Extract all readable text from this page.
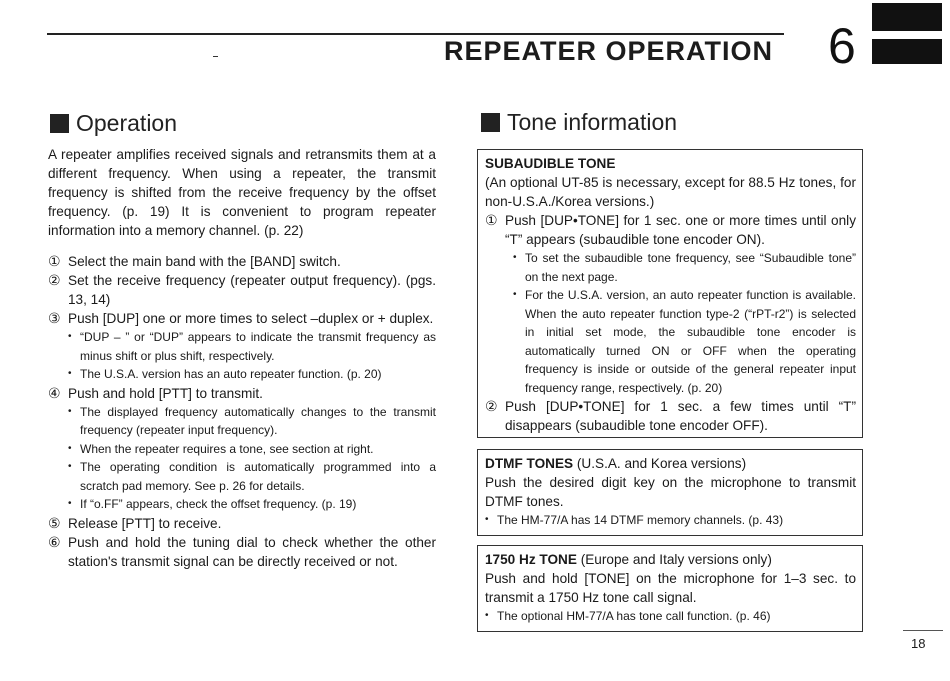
REPEATER OPERATION 6
Operation

A repeater amplifies received signals and retransmits them at a different frequency. When using a repeater, the transmit frequency is shifted from the receive frequency by the offset frequency. (p. 19) It is convenient to program repeater information into a memory channel. (p. 22)

① Select the main band with the [BAND] switch.
② Set the receive frequency (repeater output frequency). (pgs. 13, 14)
③ Push [DUP] one or more times to select –duplex or + duplex.
• “DUP – ” or “DUP” appears to indicate the transmit frequency as minus shift or plus shift, respectively.
• The U.S.A. version has an auto repeater function. (p. 20)
④ Push and hold [PTT] to transmit.
• The displayed frequency automatically changes to the transmit frequency (repeater input frequency).
• When the repeater requires a tone, see section at right.
• The operating condition is automatically programmed into a scratch pad memory. See p. 26 for details.
• If “o.FF” appears, check the offset frequency. (p. 19)
⑤ Release [PTT] to receive.
⑥ Push and hold the tuning dial to check whether the other station's transmit signal can be directly received or not.
Tone information
SUBAUDIBLE TONE
(An optional UT-85 is necessary, except for 88.5 Hz tones, for non-U.S.A./Korea versions.)
① Push [DUP•TONE] for 1 sec. one or more times until only “T” appears (subaudible tone encoder ON).
• To set the subaudible tone frequency, see “Subaudible tone” on the next page.
• For the U.S.A. version, an auto repeater function is available. When the auto repeater function type-2 (“rPT-r2”) is selected in initial set mode, the subaudible tone encoder is automatically turned ON or OFF when the operating frequency is inside or outside of the general repeater input frequency range, respectively. (p. 20)
② Push [DUP•TONE] for 1 sec. a few times until “T” disappears (subaudible tone encoder OFF).
DTMF TONES (U.S.A. and Korea versions)
Push the desired digit key on the microphone to transmit DTMF tones.
• The HM-77/A has 14 DTMF memory channels. (p. 43)
1750 Hz TONE (Europe and Italy versions only)
Push and hold [TONE] on the microphone for 1–3 sec. to transmit a 1750 Hz tone call signal.
• The optional HM-77/A has tone call function. (p. 46)
18
